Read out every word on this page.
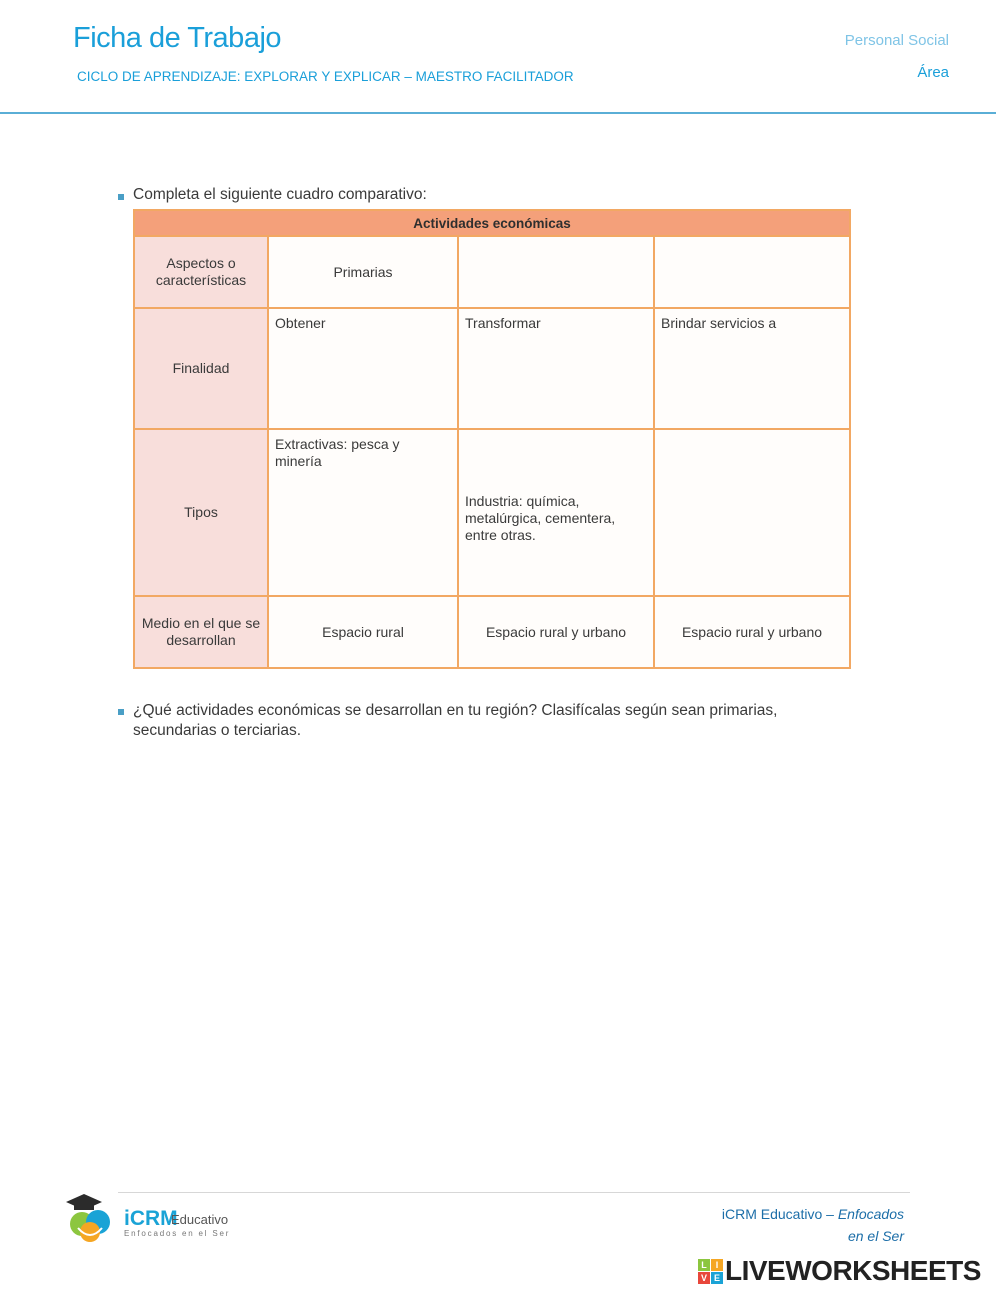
Ficha de Trabajo
CICLO DE APRENDIZAJE: EXPLORAR Y EXPLICAR – MAESTRO FACILITADOR
Personal Social
Área
Completa el siguiente cuadro comparativo:
Actividades económicas			
Aspectos o características	Primarias		
Finalidad	Obtener	Transformar	Brindar servicios a
Tipos	Extractivas: pesca y minería	Industria: química, metalúrgica, cementera, entre otras.	

Medio en el que se desarrollan	Espacio rural	Espacio rural y urbano	Espacio rural y urbano
¿Qué actividades económicas se desarrollan en tu región? Clasifícalas según sean primarias, secundarias o terciarias.
iCRM
Educativo
Enfocados en el Ser
iCRM Educativo – Enfocados
en el Ser
L I
V E LIVEWORKSHEETS
